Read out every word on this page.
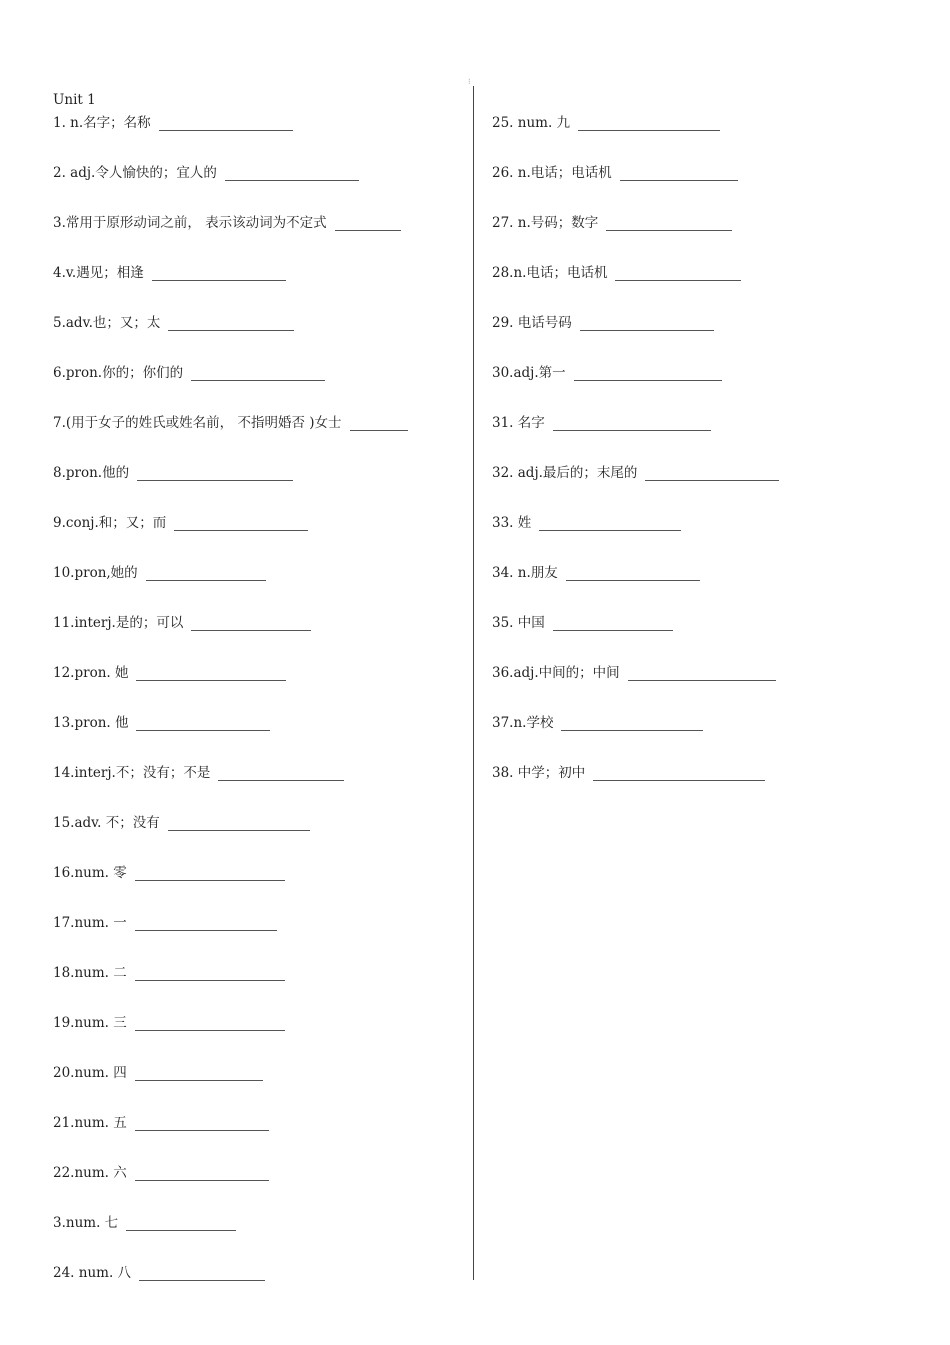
⁝
Unit 1
1. n.名字；名称
2. adj.令人愉快的；宜人的
3.常用于原形动词之前， 表示该动词为不定式
4.v.遇见；相逢
5.adv.也；又；太
6.pron.你的；你们的
7.(用于女子的姓氏或姓名前， 不指明婚否 )女士
8.pron.他的
9.conj.和；又；而
10.pron,她的
11.interj.是的；可以
12.pron. 她
13.pron. 他
14.interj.不；没有；不是
15.adv. 不；没有
16.num. 零
17.num. 一
18.num. 二
19.num. 三
20.num. 四
21.num. 五
22.num. 六
3.num. 七
24. num. 八
25. num. 九
26. n.电话；电话机
27. n.号码；数字
28.n.电话；电话机
29. 电话号码
30.adj.第一
31. 名字
32. adj.最后的；末尾的
33. 姓
34. n.朋友
35. 中国
36.adj.中间的；中间
37.n.学校
38. 中学；初中
